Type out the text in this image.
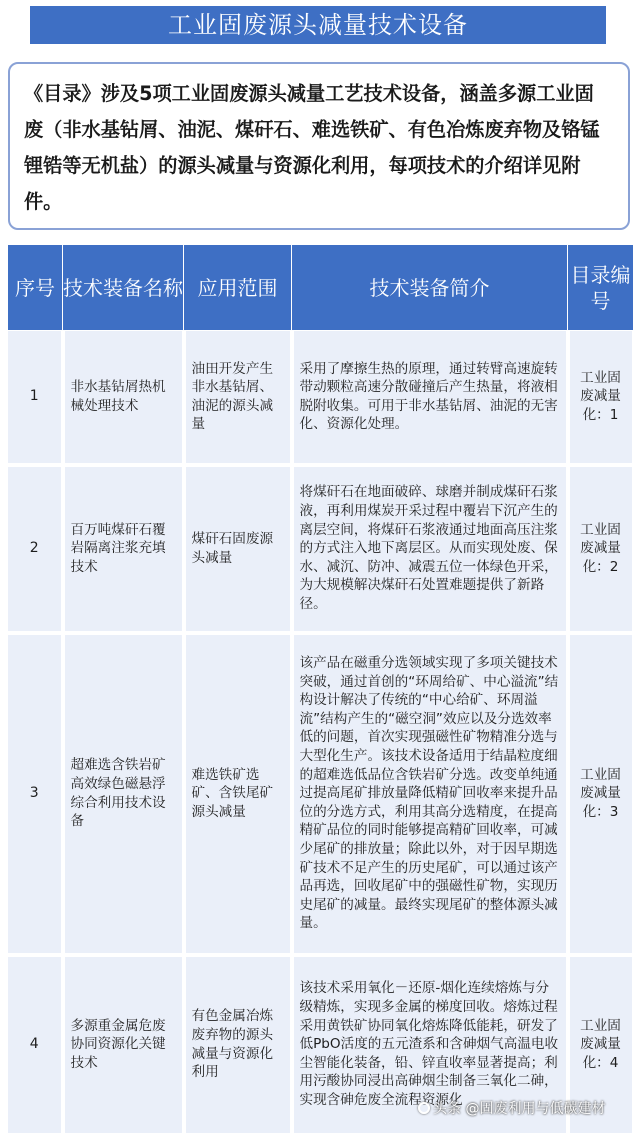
工业固废源头减量技术设备

《目录》涉及5项工业固废源头减量工艺技术设备，涵盖多源工业固废（非水基钻屑、油泥、煤矸石、难选铁矿、有色冶炼废弃物及铬锰锂锆等无机盐）的源头减量与资源化利用，每项技术的介绍详见附件。

序号	技术装备名称	应用范围	技术装备简介	目录编号
1	非水基钻屑热机械处理技术	油田开发产生非水基钻屑、油泥的源头减量	采用了摩擦生热的原理，通过转臂高速旋转带动颗粒高速分散碰撞后产生热量，将液相脱附收集。可用于非水基钻屑、油泥的无害化、资源化处理。	工业固废减量化：1
2	百万吨煤矸石覆岩隔离注浆充填技术	煤矸石固废源头减量	将煤矸石在地面破碎、球磨并制成煤矸石浆液，再利用煤炭开采过程中覆岩下沉产生的离层空间，将煤矸石浆液通过地面高压注浆的方式注入地下离层区。从而实现处废、保水、减沉、防冲、减震五位一体绿色开采，为大规模解决煤矸石处置难题提供了新路径。	工业固废减量化：2
3	超难选含铁岩矿高效绿色磁悬浮综合利用技术设备	难选铁矿选矿、含铁尾矿源头减量	该产品在磁重分选领域实现了多项关键技术突破，通过首创的“环周给矿、中心溢流”结构设计解决了传统的“中心给矿、环周溢流”结构产生的“磁空洞”效应以及分选效率低的问题，首次实现强磁性矿物精准分选与大型化生产。该技术设备适用于结晶粒度细的超难选低品位含铁岩矿分选。改变单纯通过提高尾矿排放量降低精矿回收率来提升品位的分选方式，利用其高分选精度，在提高精矿品位的同时能够提高精矿回收率，可减少尾矿的排放量；除此以外，对于因早期选矿技术不足产生的历史尾矿，可以通过该产品再选，回收尾矿中的强磁性矿物，实现历史尾矿的减量。最终实现尾矿的整体源头减量。	工业固废减量化：3
4	多源重金属危废协同资源化关键技术	有色金属冶炼废弃物的源头减量与资源化利用	该技术采用氧化－还原-烟化连续熔炼与分级精炼，实现多金属的梯度回收。熔炼过程采用黄铁矿协同氧化熔炼降低能耗，研发了低PbO活度的五元渣系和含砷烟气高温电收尘智能化装备，铅、锌直收率显著提高；利用污酸协同浸出高砷烟尘制备三氧化二砷，实现含砷危废全流程资源化	工业固废减量化：4
头条 @固废利用与低碳建材
